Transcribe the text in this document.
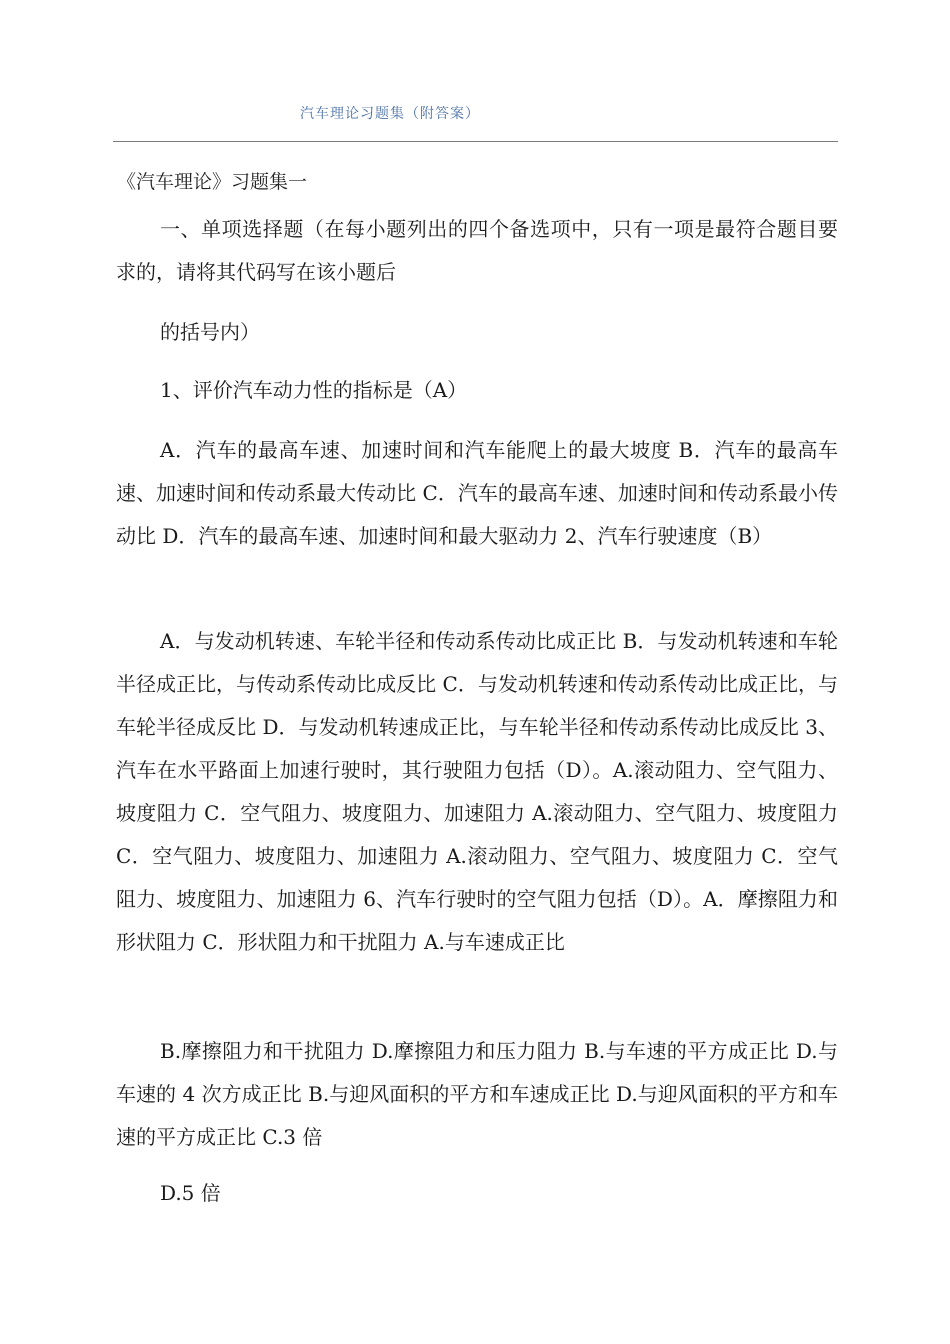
汽车理论习题集（附答案）
《汽车理论》习题集一

一、单项选择题（在每小题列出的四个备选项中，只有一项是最符合题目要求的，请将其代码写在该小题后

的括号内）

1、评价汽车动力性的指标是（A）

A．汽车的最高车速、加速时间和汽车能爬上的最大坡度 B．汽车的最高车速、加速时间和传动系最大传动比 C．汽车的最高车速、加速时间和传动系最小传动比 D．汽车的最高车速、加速时间和最大驱动力 2、汽车行驶速度（B）

A．与发动机转速、车轮半径和传动系传动比成正比 B．与发动机转速和车轮半径成正比，与传动系传动比成反比 C．与发动机转速和传动系传动比成正比，与车轮半径成反比 D．与发动机转速成正比，与车轮半径和传动系传动比成反比 3、汽车在水平路面上加速行驶时，其行驶阻力包括（D）。A.滚动阻力、空气阻力、坡度阻力 C．空气阻力、坡度阻力、加速阻力 A.滚动阻力、空气阻力、坡度阻力 C．空气阻力、坡度阻力、加速阻力 A.滚动阻力、空气阻力、坡度阻力 C．空气阻力、坡度阻力、加速阻力 6、汽车行驶时的空气阻力包括（D）。A．摩擦阻力和形状阻力 C．形状阻力和干扰阻力 A.与车速成正比

B.摩擦阻力和干扰阻力 D.摩擦阻力和压力阻力 B.与车速的平方成正比 D.与车速的 4 次方成正比 B.与迎风面积的平方和车速成正比 D.与迎风面积的平方和车速的平方成正比 C.3 倍

D.5 倍
